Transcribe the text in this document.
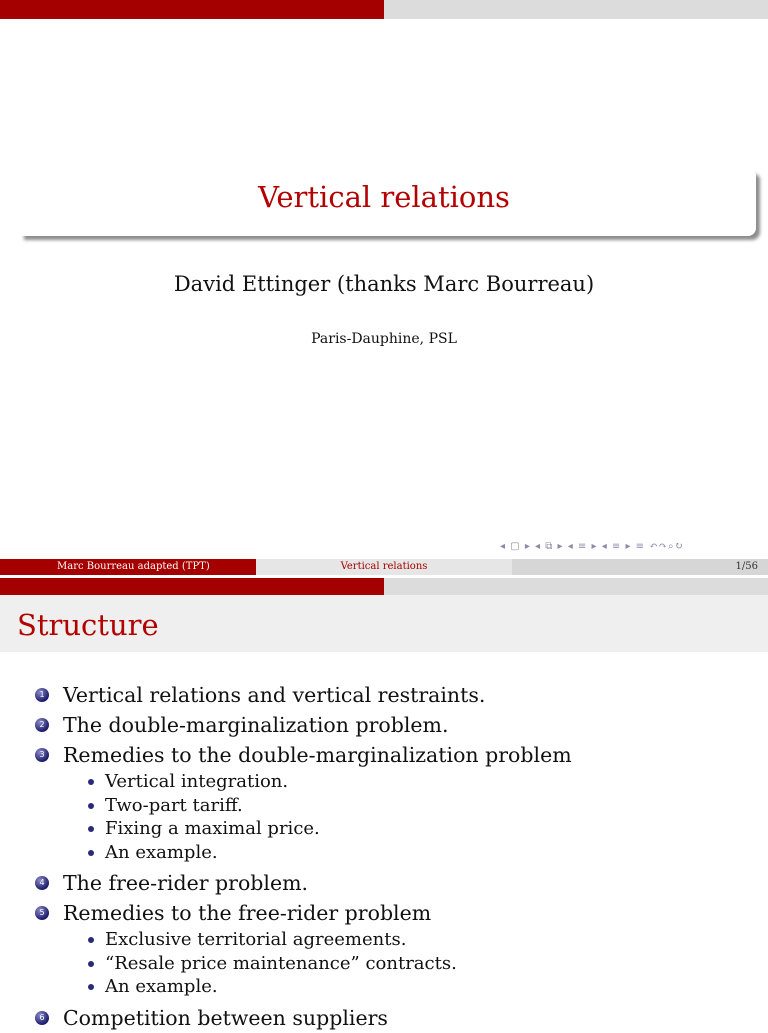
Vertical relations
David Ettinger (thanks Marc Bourreau)
Paris-Dauphine, PSL
◂ ▢ ▸ ◂ ⧉ ▸ ◂ ≡ ▸ ◂ ≡ ▸ ≡ ↶↷⌕↻
Marc Bourreau adapted (TPT)	Vertical relations	1/56
Structure
1 Vertical relations and vertical restraints.
2 The double-marginalization problem.
3 Remedies to the double-marginalization problem
Vertical integration.
Two-part tariff.
Fixing a maximal price.
An example.
4 The free-rider problem.
5 Remedies to the free-rider problem
Exclusive territorial agreements.
“Resale price maintenance” contracts.
An example.
6 Competition between suppliers
